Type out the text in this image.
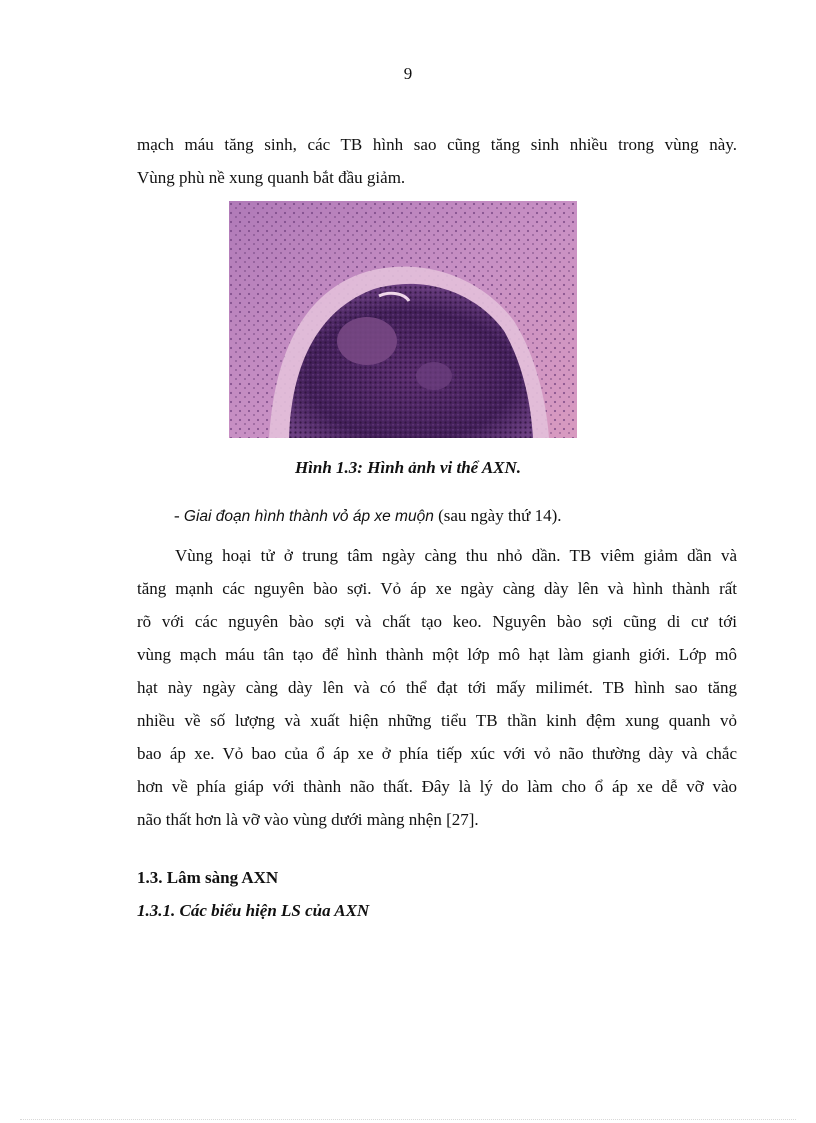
9
mạch máu tăng sinh, các TB hình sao cũng tăng sinh nhiều trong vùng này.
Vùng phù nề xung quanh bắt đầu giảm.
Hình 1.3: Hình ảnh vi thể AXN.
- Giai đoạn hình thành vỏ áp xe muộn (sau ngày thứ 14).
Vùng hoại tử ở trung tâm ngày càng thu nhỏ dần. TB viêm giảm dần và
tăng mạnh các nguyên bào sợi. Vỏ áp xe ngày càng dày lên và hình thành rất
rõ với các nguyên bào sợi và chất tạo keo. Nguyên bào sợi cũng di cư tới
vùng mạch máu tân tạo để hình thành một lớp mô hạt làm gianh giới. Lớp mô
hạt này ngày càng dày lên và có thể đạt tới mấy milimét. TB hình sao tăng
nhiều về số lượng và xuất hiện những tiểu TB thần kinh đệm xung quanh vỏ
bao áp xe. Vỏ bao của ổ áp xe ở phía tiếp xúc với vỏ não thường dày và chắc
hơn về phía giáp với thành não thất. Đây là lý do làm cho ổ áp xe dễ vỡ vào
não thất hơn là vỡ vào vùng dưới màng nhện [27].
1.3. Lâm sàng AXN
1.3.1. Các biểu hiện LS của AXN
